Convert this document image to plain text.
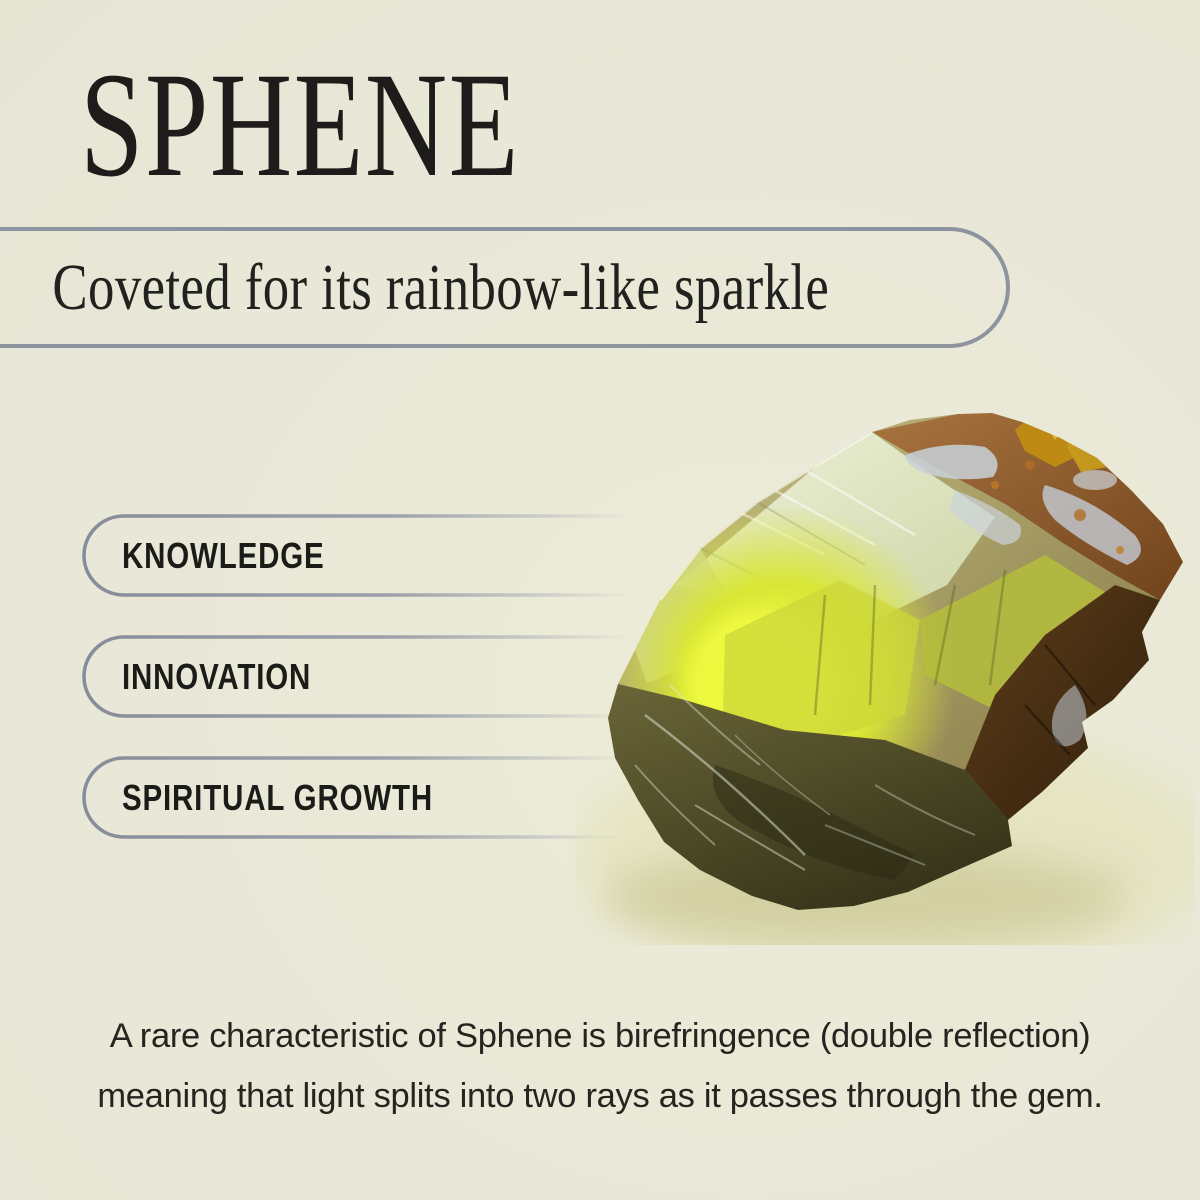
SPHENE
Coveted for its rainbow-like sparkle
KNOWLEDGE
INNOVATION
SPIRITUAL GROWTH
A rare characteristic of Sphene is birefringence (double reflection)
meaning that light splits into two rays as it passes through the gem.
